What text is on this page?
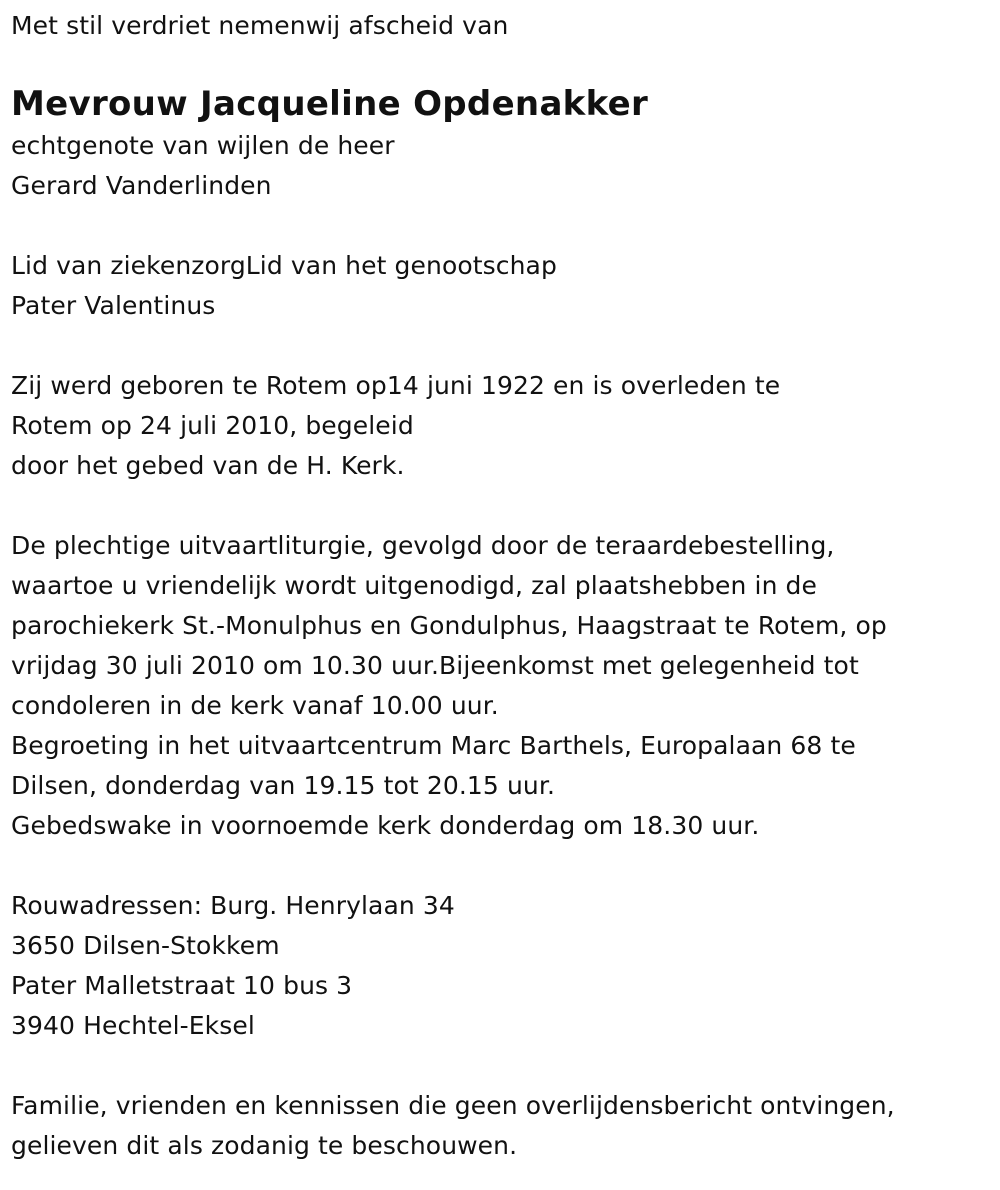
Met stil verdriet nemenwij afscheid van
Mevrouw Jacqueline Opdenakker
echtgenote van wijlen de heer
Gerard Vanderlinden
Lid van ziekenzorgLid van het genootschap
Pater Valentinus
Zij werd geboren te Rotem op14 juni 1922 en is overleden te
Rotem op 24 juli 2010, begeleid
door het gebed van de H. Kerk.
De plechtige uitvaartliturgie, gevolgd door de teraardebestelling,
waartoe u vriendelijk wordt uitgenodigd, zal plaatshebben in de
parochiekerk St.-Monulphus en Gondulphus, Haagstraat te Rotem, op
vrijdag 30 juli 2010 om 10.30 uur.Bijeenkomst met gelegenheid tot
condoleren in de kerk vanaf 10.00 uur.
Begroeting in het uitvaartcentrum Marc Barthels, Europalaan 68 te
Dilsen, donderdag van 19.15 tot 20.15 uur.
Gebedswake in voornoemde kerk donderdag om 18.30 uur.
Rouwadressen: Burg. Henrylaan 34
3650 Dilsen-Stokkem
Pater Malletstraat 10 bus 3
3940 Hechtel-Eksel
Familie, vrienden en kennissen die geen overlijdensbericht ontvingen,
gelieven dit als zodanig te beschouwen.
